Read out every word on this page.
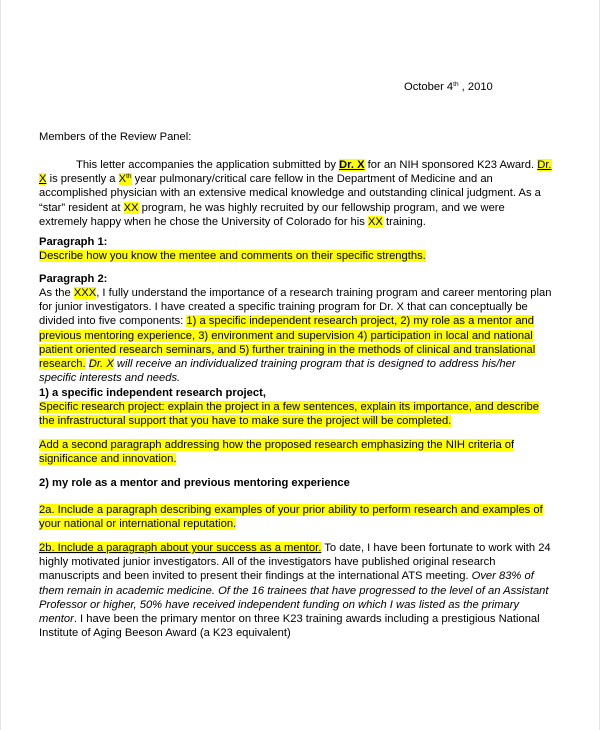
October 4th , 2010

Members of the Review Panel:

This letter accompanies the application submitted by Dr. X for an NIH sponsored K23 Award. Dr. X is presently a Xth year pulmonary/critical care fellow in the Department of Medicine and an accomplished physician with an extensive medical knowledge and outstanding clinical judgment. As a “star” resident at XX program, he was highly recruited by our fellowship program, and we were extremely happy when he chose the University of Colorado for his XX training.

Paragraph 1:

Describe how you know the mentee and comments on their specific strengths.

Paragraph 2:

As the XXX, I fully understand the importance of a research training program and career mentoring plan for junior investigators. I have created a specific training program for Dr. X that can conceptually be divided into five components: 1) a specific independent research project, 2) my role as a mentor and previous mentoring experience, 3) environment and supervision 4) participation in local and national patient oriented research seminars, and 5) further training in the methods of clinical and translational research. Dr. X will receive an individualized training program that is designed to address his/her specific interests and needs.

1) a specific independent research project,

Specific research project: explain the project in a few sentences, explain its importance, and describe the infrastructural support that you have to make sure the project will be completed.

Add a second paragraph addressing how the proposed research emphasizing the NIH criteria of significance and innovation.

2) my role as a mentor and previous mentoring experience

2a. Include a paragraph describing examples of your prior ability to perform research and examples of your national or international reputation.

2b. Include a paragraph about your success as a mentor. To date, I have been fortunate to work with 24 highly motivated junior investigators. All of the investigators have published original research manuscripts and been invited to present their findings at the international ATS meeting. Over 83% of them remain in academic medicine. Of the 16 trainees that have progressed to the level of an Assistant Professor or higher, 50% have received independent funding on which I was listed as the primary mentor. I have been the primary mentor on three K23 training awards including a prestigious National Institute of Aging Beeson Award (a K23 equivalent)
